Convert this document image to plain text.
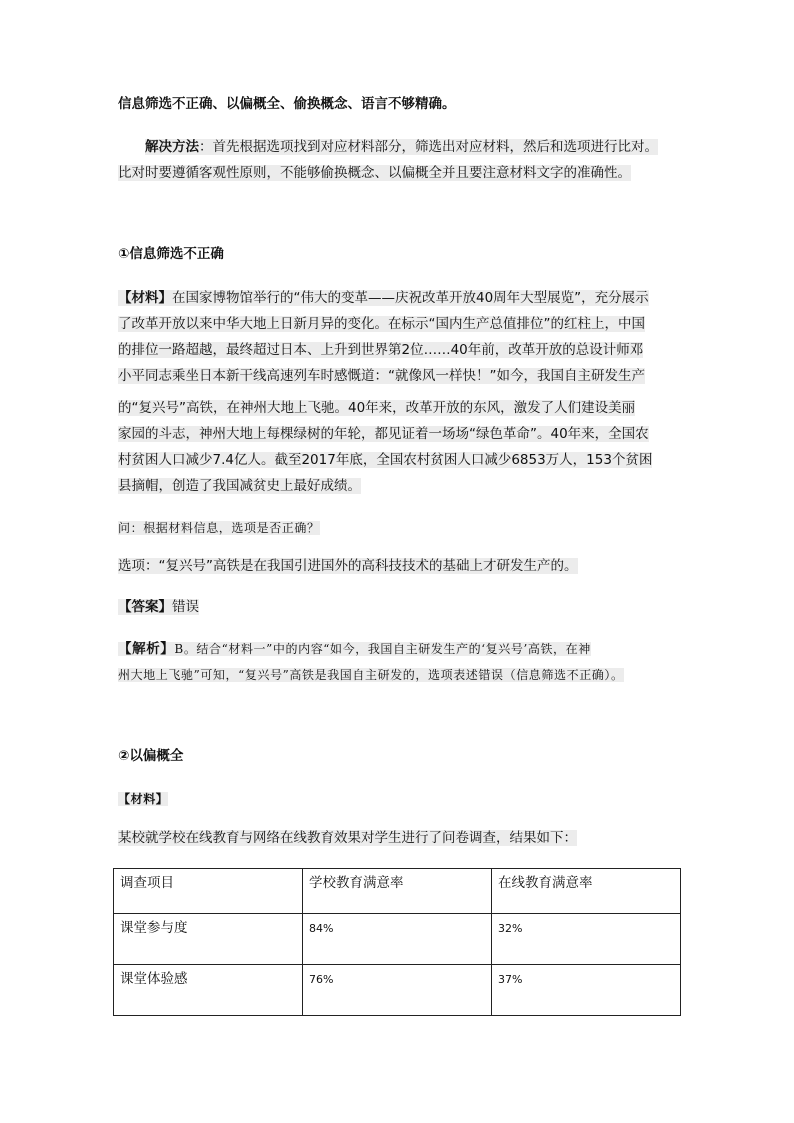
信息筛选不正确、以偏概全、偷换概念、语言不够精确。
解决方法：首先根据选项找到对应材料部分，筛选出对应材料，然后和选项进行比对。
比对时要遵循客观性原则，不能够偷换概念、以偏概全并且要注意材料文字的准确性。
①信息筛选不正确
【材料】在国家博物馆举行的“伟大的变革——庆祝改革开放40周年大型展览”，充分展示
了改革开放以来中华大地上日新月异的变化。在标示“国内生产总值排位”的红柱上，中国
的排位一路超越，最终超过日本、上升到世界第2位……40年前，改革开放的总设计师邓
小平同志乘坐日本新干线高速列车时感慨道：“就像风一样快！”如今，我国自主研发生产
的“复兴号”高铁，在神州大地上飞驰。40年来，改革开放的东风，激发了人们建设美丽
家园的斗志，神州大地上每棵绿树的年轮，都见证着一场场“绿色革命”。40年来，全国农
村贫困人口减少7.4亿人。截至2017年底，全国农村贫困人口减少6853万人，153个贫困
县摘帽，创造了我国减贫史上最好成绩。
问：根据材料信息，选项是否正确？
选项：“复兴号”高铁是在我国引进国外的高科技技术的基础上才研发生产的。
【答案】错误
【解析】B。结合“材料一”中的内容“如今，我国自主研发生产的‘复兴号’高铁，在神
州大地上飞驰”可知，“复兴号”高铁是我国自主研发的，选项表述错误（信息筛选不正确）。
②以偏概全
【材料】
某校就学校在线教育与网络在线教育效果对学生进行了问卷调查，结果如下：
调查项目	学校教育满意率	在线教育满意率
课堂参与度	84%	32%
课堂体验感	76%	37%
